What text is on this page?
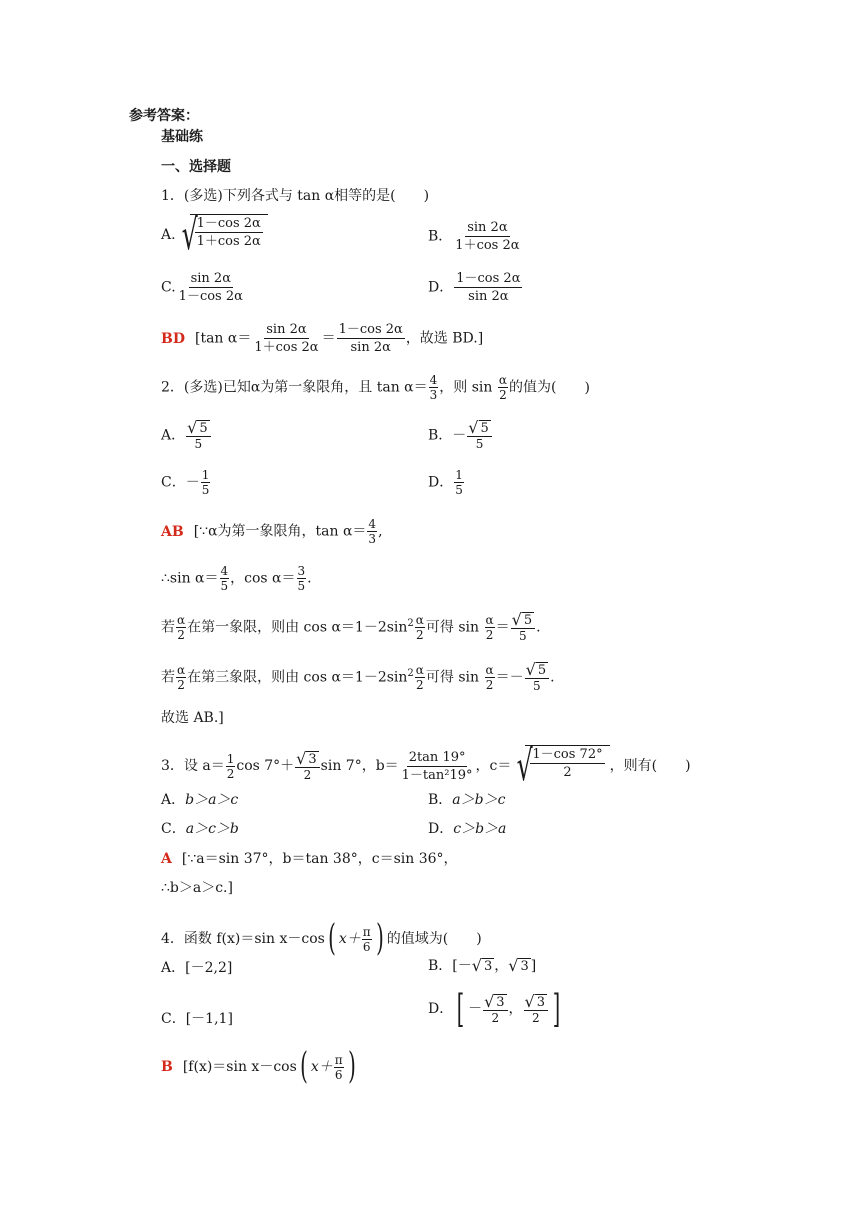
参考答案：
基础练
一、选择题
1．(多选)下列各式与 tan α相等的是( )
A. √
$\frac{1-\cos 2\alpha}{1+\cos 2\alpha}$	B． $\frac{\sin 2\alpha}{1+\cos 2\alpha}$
C. $\frac{\sin 2\alpha}{1-\cos 2\alpha}$	D． $\frac{1-\cos 2\alpha}{\sin 2\alpha}$
BD [tan $\alpha= \frac{\sin 2\alpha}{1+\cos 2\alpha} = \frac{1-\cos 2\alpha}{\sin 2\alpha}$ ，故选 BD.]
2．(多选)已知α为第一象限角，且 $\tan \alpha= \frac{4}{3}$ ，则 $\sin \frac{\alpha}{2}$ 的值为( )
A． $\frac{√ 5}{5}$	B．－ $\frac{√ 5}{5}$
C．－ $\frac{1}{5}$	D． $\frac{1}{5}$
AB [∵α为第一象限角，$\tan \alpha= \frac{4}{3}$ ,
∴sin $\alpha= \frac{4}{5}$ ，$\cos \alpha= \frac{3}{5}$ .
若 $\frac{\alpha}{2}$ 在第一象限，则由 $\cos \alpha=1-2\sin^2 \frac{\alpha}{2}$ 可得 $\sin \frac{\alpha}{2} = \frac{√ 5}{5}$ .
若 $\frac{\alpha}{2}$ 在第三象限，则由 $\cos \alpha=1-2\sin^2 \frac{\alpha}{2}$ 可得 $\sin \frac{\alpha}{2} =- \frac{√ 5}{5}$ .
故选 AB.]
3．设 $a= \frac{1}{2}$ $\cos 7^\circ+ \frac{√ 3}{2}$ sin 7°，$b= \frac{2\tan 19^\circ}{\text{1－tan²19°}}$ ，c＝ √
$\frac{1-\cos 72^\circ}{2}$ ，则有( )
A．b＞a＞c	B．a＞b＞c
C．a＞c＞b	D．c＞b＞a
A [∵a＝sin 37°，b＝tan 38°，c＝sin 36°，
∴b＞a＞c.]
4．函数 f(x)＝sin x－cos ( $x+ \frac{\pi}{6}$ ) 的值域为( )
A．[－2,2]	B．[－ √ 3 ， √ 3 ]
C．[－1,1]
D． [ － $\frac{√ 3}{2}$ ， $\frac{√ 3}{2}$ ]
B [f(x)＝sin x－cos ( $x+ \frac{\pi}{6}$ )
